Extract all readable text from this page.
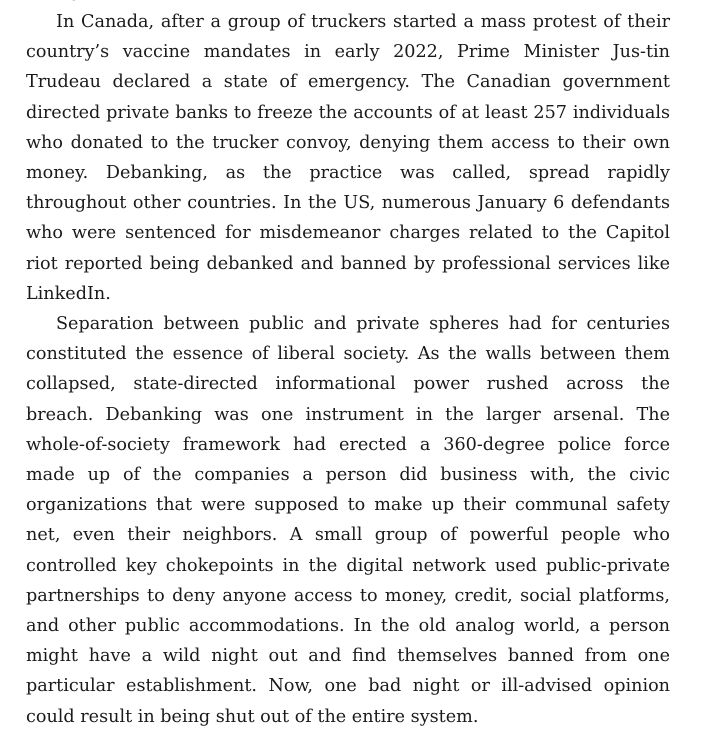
In Canada, after a group of truckers started a mass protest of their country’s vaccine mandates in early 2022, Prime Minister Jus-tin Trudeau declared a state of emergency. The Canadian government directed private banks to freeze the accounts of at least 257 individuals who donated to the trucker convoy, denying them access to their own money. Debanking, as the practice was called, spread rapidly throughout other countries. In the US, numerous January 6 defendants who were sentenced for misdemeanor charges related to the Capitol riot reported being debanked and banned by professional services like LinkedIn.

Separation between public and private spheres had for centuries constituted the essence of liberal society. As the walls between them collapsed, state-directed informational power rushed across the breach. Debanking was one instrument in the larger arsenal. The whole-of-society framework had erected a 360-degree police force made up of the companies a person did business with, the civic organizations that were supposed to make up their communal safety net, even their neighbors. A small group of powerful people who controlled key chokepoints in the digital network used public-private partnerships to deny anyone access to money, credit, social platforms, and other public accommodations. In the old analog world, a person might have a wild night out and find themselves banned from one particular establishment. Now, one bad night or ill-advised opinion could result in being shut out of the entire system.
